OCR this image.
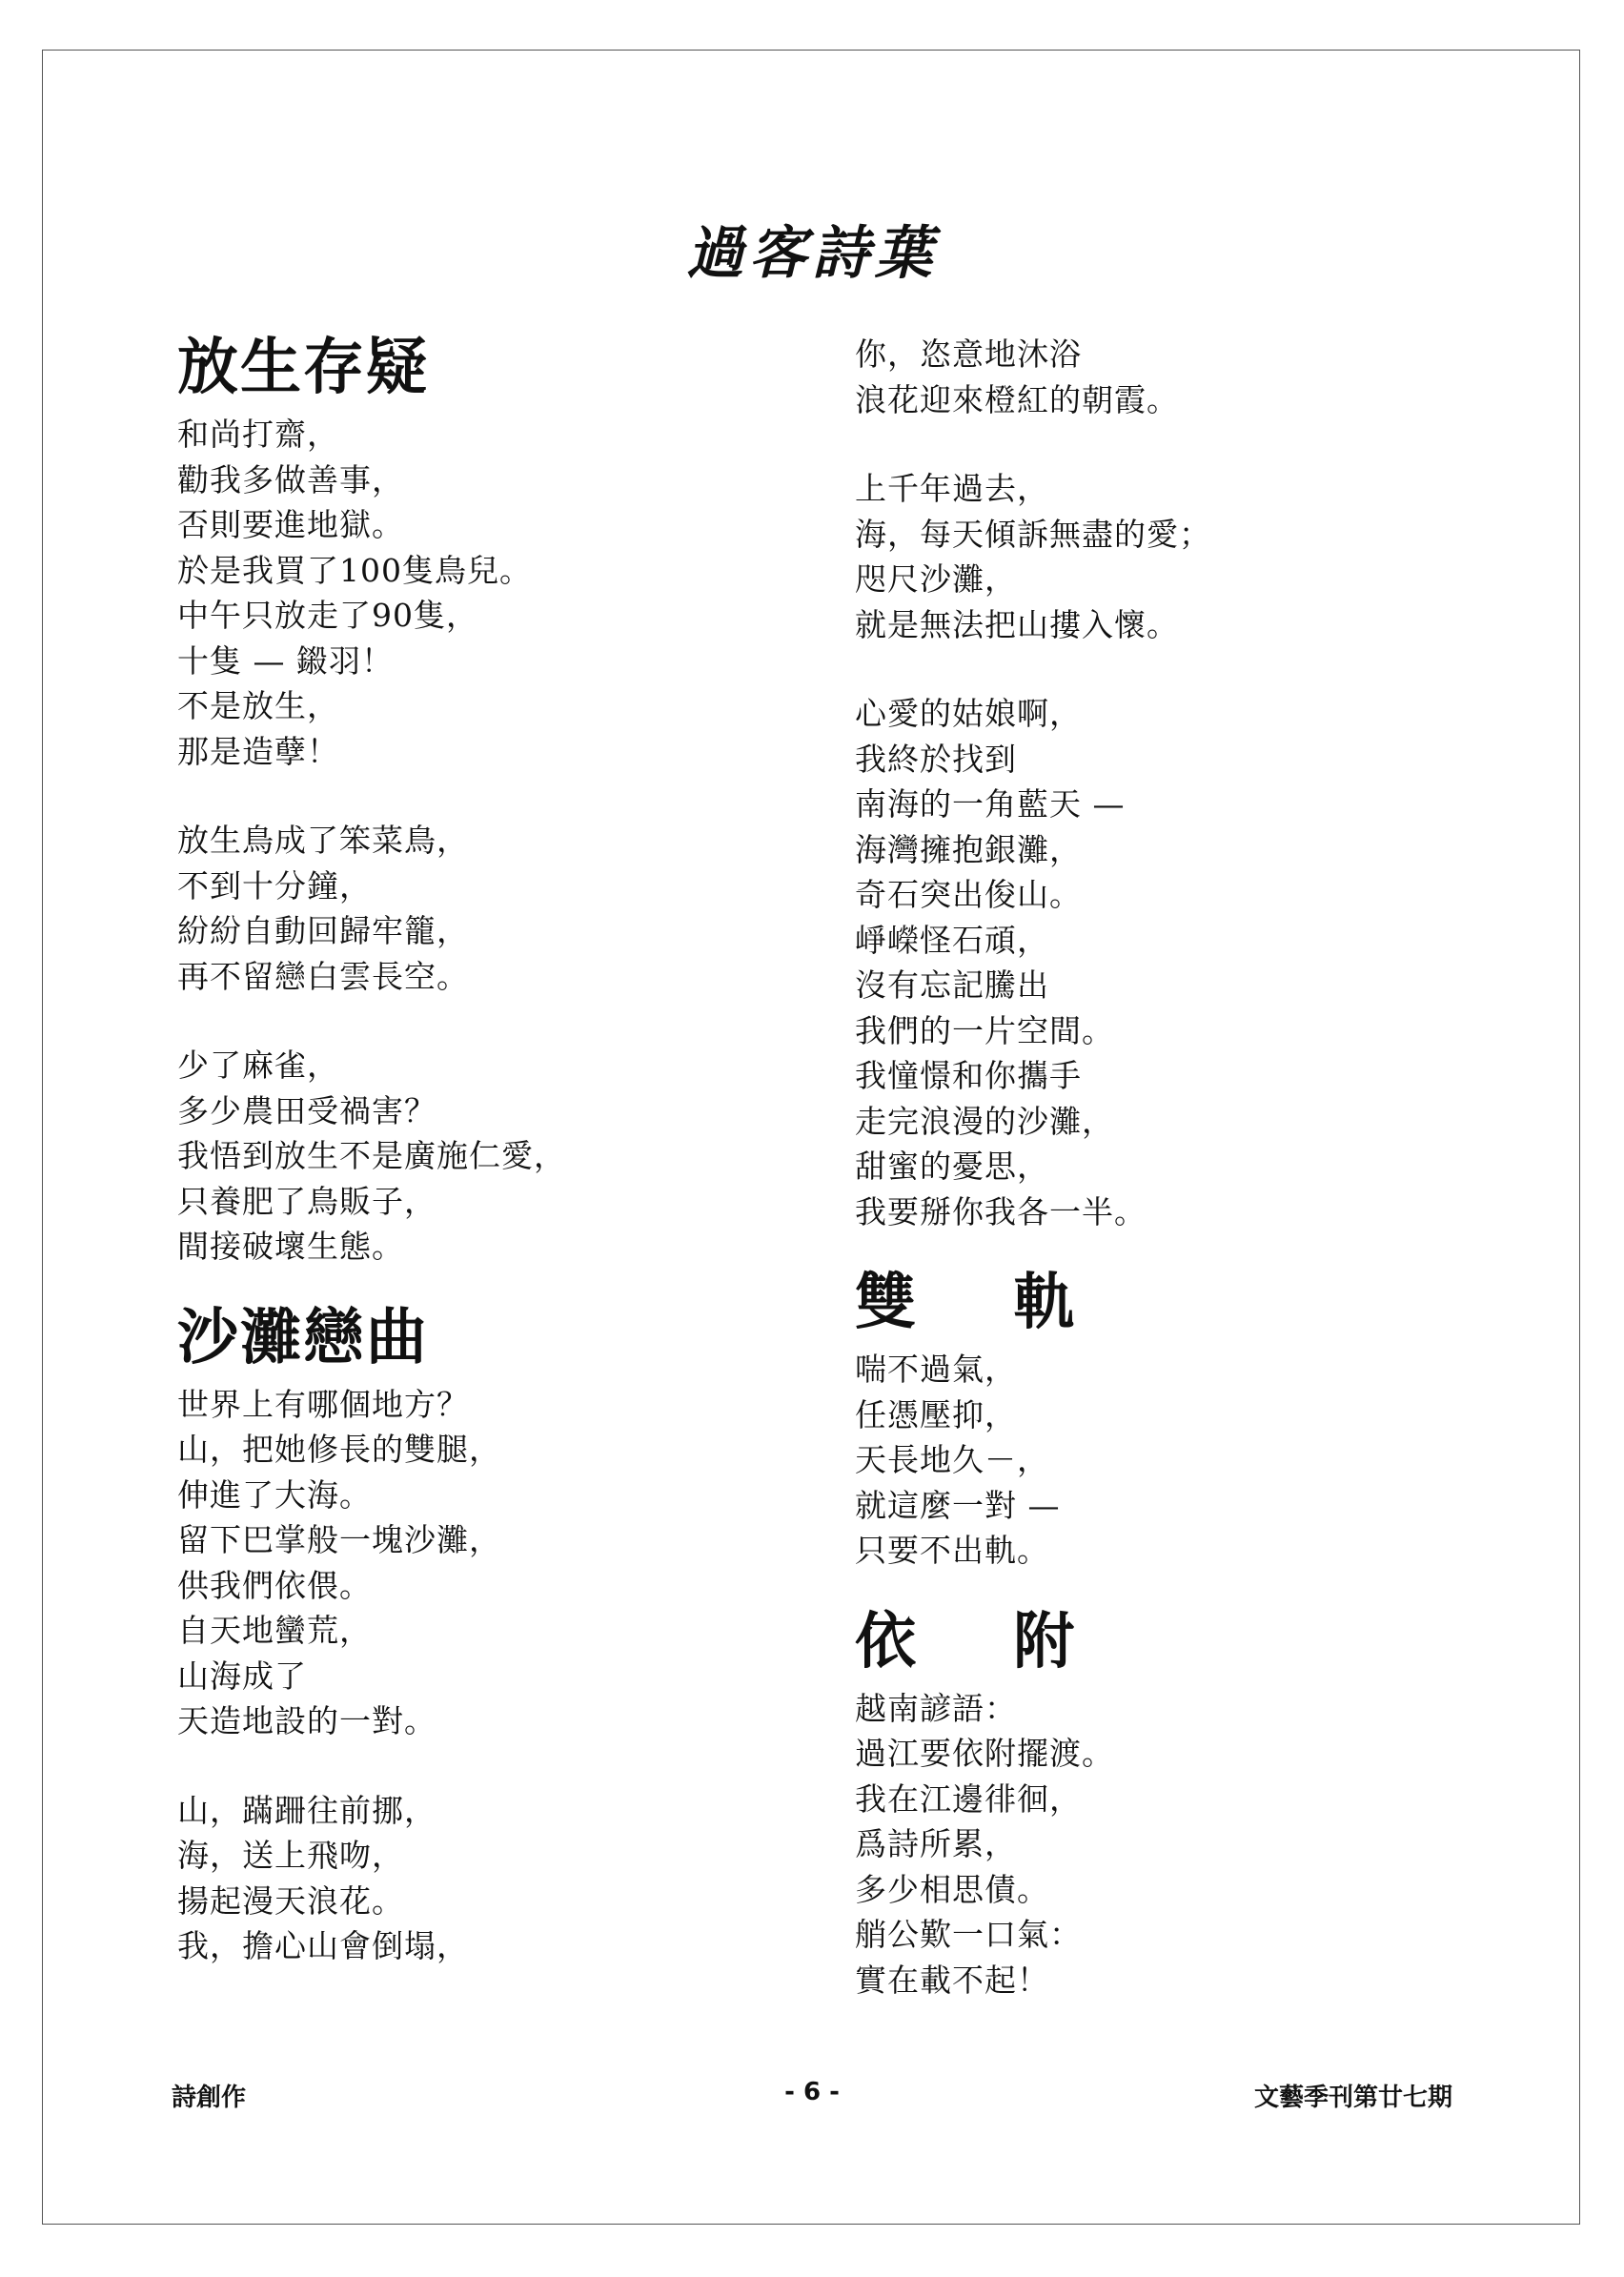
過客詩葉
放生存疑
和尚打齋，
勸我多做善事，
否則要進地獄。
於是我買了100隻鳥兒。
中午只放走了90隻，
十隻 — 鎩羽！
不是放生，
那是造孽！
放生鳥成了笨菜鳥，
不到十分鐘，
紛紛自動回歸牢籠，
再不留戀白雲長空。
少了麻雀，
多少農田受禍害？
我悟到放生不是廣施仁愛，
只養肥了鳥販子，
間接破壞生態。
沙灘戀曲
世界上有哪個地方？
山，把她修長的雙腿，
伸進了大海。
留下巴掌般一塊沙灘，
供我們依偎。
自天地蠻荒，
山海成了
天造地設的一對。
山，蹣跚往前挪，
海，送上飛吻，
揚起漫天浪花。
我，擔心山會倒塌，
你，恣意地沐浴
浪花迎來橙紅的朝霞。
上千年過去，
海，每天傾訴無盡的愛；
咫尺沙灘，
就是無法把山摟入懷。
心愛的姑娘啊，
我終於找到
南海的一角藍天 —
海灣擁抱銀灘，
奇石突出俊山。
崢嶸怪石頑，
沒有忘記騰出
我們的一片空間。
我憧憬和你攜手
走完浪漫的沙灘，
甜蜜的憂思，
我要掰你我各一半。
雙 軌
喘不過氣，
任憑壓抑，
天長地久－，
就這麼一對 —
只要不出軌。
依 附
越南諺語：
過江要依附擺渡。
我在江邊徘徊，
爲詩所累，
多少相思債。
艄公歎一口氣：
實在載不起！
詩創作	- 6 -	文藝季刊第廿七期
